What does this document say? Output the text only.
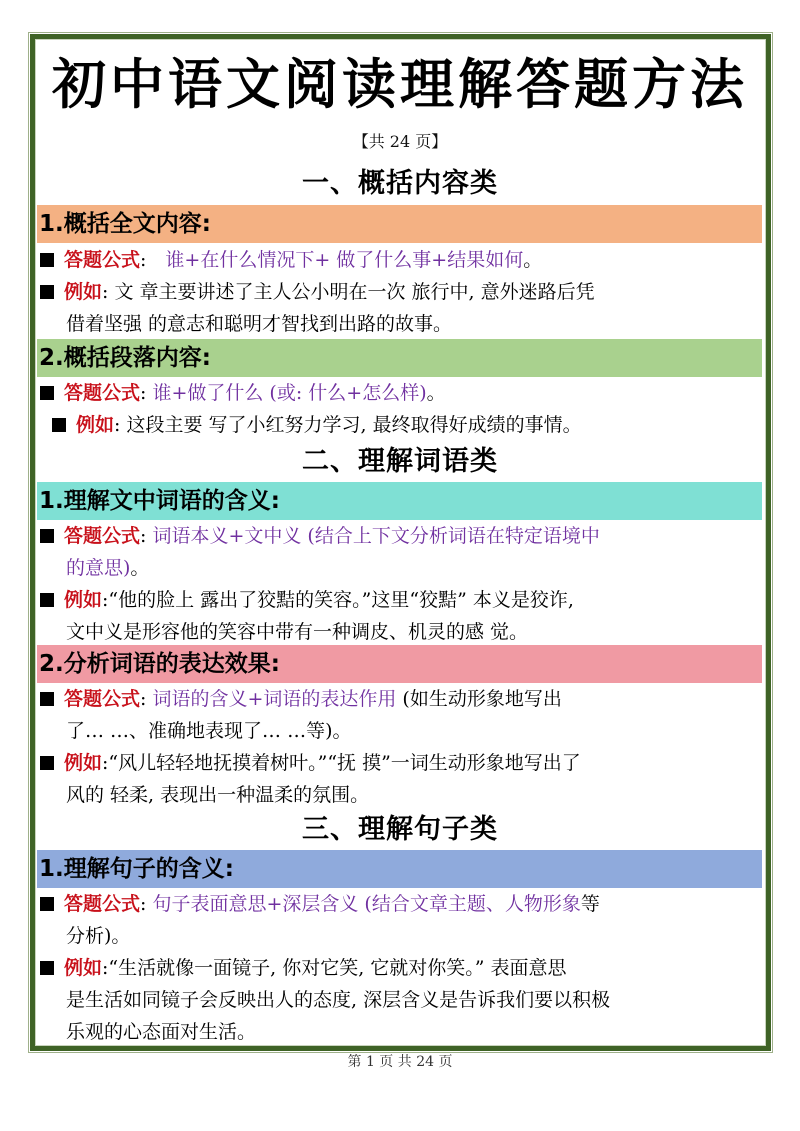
初中语文阅读理解答题方法
【共 24 页】
一、概括内容类
1.概括全文内容:
答题公式:　谁+在什么情况下+ 做了什么事+结果如何。
例如: 文 章主要讲述了主人公小明在一次 旅行中, 意外迷路后凭
借着坚强 的意志和聪明才智找到出路的故事。
2.概括段落内容:
答题公式: 谁+做了什么 (或: 什么+怎么样)。
例如: 这段主要 写了小红努力学习, 最终取得好成绩的事情。
二、理解词语类
1.理解文中词语的含义:
答题公式: 词语本义+文中义 (结合上下文分析词语在特定语境中
的意思)。
例如:“他的脸上 露出了狡黠的笑容。”这里“狡黠” 本义是狡诈,
文中义是形容他的笑容中带有一种调皮、机灵的感 觉。
2.分析词语的表达效果:
答题公式: 词语的含义+词语的表达作用 (如生动形象地写出
了… …、准确地表现了… …等)。
例如:“风儿轻轻地抚摸着树叶。”“抚 摸”一词生动形象地写出了
风的 轻柔, 表现出一种温柔的氛围。
三、理解句子类
1.理解句子的含义:
答题公式: 句子表面意思+深层含义 (结合文章主题、人物形象等
分析)。
例如:“生活就像一面镜子, 你对它笑, 它就对你笑。” 表面意思
是生活如同镜子会反映出人的态度, 深层含义是告诉我们要以积极
乐观的心态面对生活。
第 1 页 共 24 页
